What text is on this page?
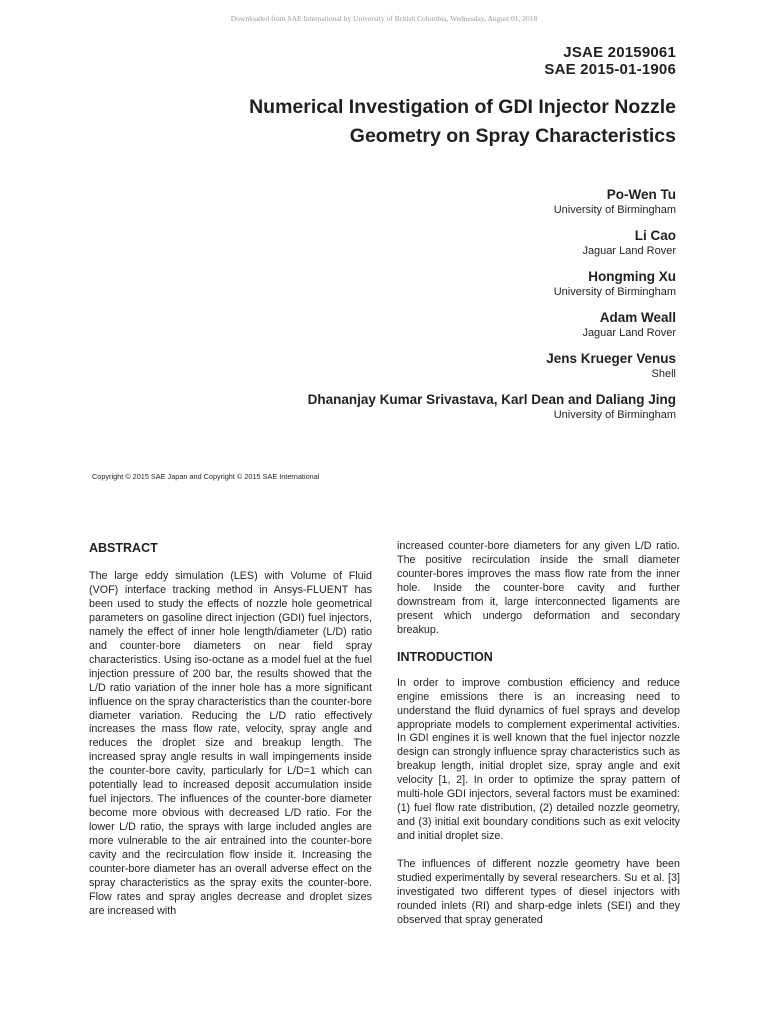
Downloaded from SAE International by University of British Columbia, Wednesday, August 01, 2018
JSAE 20159061
SAE 2015-01-1906
Numerical Investigation of GDI Injector Nozzle
Geometry on Spray Characteristics
Po-Wen Tu
University of Birmingham
Li Cao
Jaguar Land Rover
Hongming Xu
University of Birmingham
Adam Weall
Jaguar Land Rover
Jens Krueger Venus
Shell
Dhananjay Kumar Srivastava, Karl Dean and Daliang Jing
University of Birmingham
Copyright © 2015 SAE Japan and Copyright © 2015 SAE International
ABSTRACT

The large eddy simulation (LES) with Volume of Fluid (VOF) interface tracking method in Ansys-FLUENT has been used to study the effects of nozzle hole geometrical parameters on gasoline direct injection (GDI) fuel injectors, namely the effect of inner hole length/diameter (L/D) ratio and counter-bore diameters on near field spray characteristics. Using iso-octane as a model fuel at the fuel injection pressure of 200 bar, the results showed that the L/D ratio variation of the inner hole has a more significant influence on the spray characteristics than the counter-bore diameter variation. Reducing the L/D ratio effectively increases the mass flow rate, velocity, spray angle and reduces the droplet size and breakup length. The increased spray angle results in wall impingements inside the counter-bore cavity, particularly for L/D=1 which can potentially lead to increased deposit accumulation inside fuel injectors. The influences of the counter-bore diameter become more obvious with decreased L/D ratio. For the lower L/D ratio, the sprays with large included angles are more vulnerable to the air entrained into the counter-bore cavity and the recirculation flow inside it. Increasing the counter-bore diameter has an overall adverse effect on the spray characteristics as the spray exits the counter-bore. Flow rates and spray angles decrease and droplet sizes are increased with

increased counter-bore diameters for any given L/D ratio. The positive recirculation inside the small diameter counter-bores improves the mass flow rate from the inner hole. Inside the counter-bore cavity and further downstream from it, large interconnected ligaments are present which undergo deformation and secondary breakup.

INTRODUCTION

In order to improve combustion efficiency and reduce engine emissions there is an increasing need to understand the fluid dynamics of fuel sprays and develop appropriate models to complement experimental activities. In GDI engines it is well known that the fuel injector nozzle design can strongly influence spray characteristics such as breakup length, initial droplet size, spray angle and exit velocity [1, 2]. In order to optimize the spray pattern of multi-hole GDI injectors, several factors must be examined: (1) fuel flow rate distribution, (2) detailed nozzle geometry, and (3) initial exit boundary conditions such as exit velocity and initial droplet size.

The influences of different nozzle geometry have been studied experimentally by several researchers. Su et al. [3] investigated two different types of diesel injectors with rounded inlets (RI) and sharp-edge inlets (SEI) and they observed that spray generated
